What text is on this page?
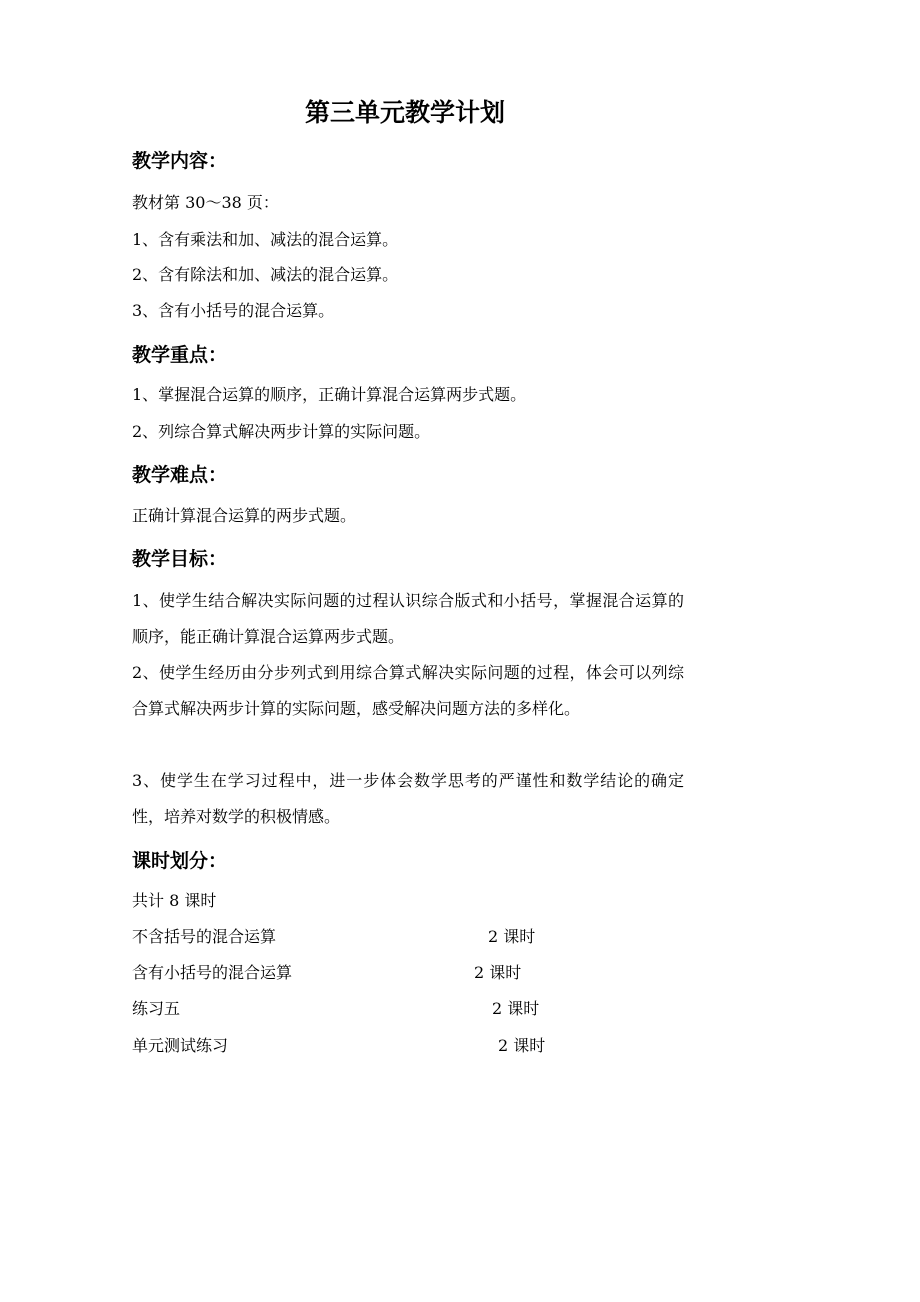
第三单元教学计划
教学内容：

教材第 30～38 页：

1、含有乘法和加、减法的混合运算。

2、含有除法和加、减法的混合运算。

3、含有小括号的混合运算。

教学重点：

1、掌握混合运算的顺序，正确计算混合运算两步式题。

2、列综合算式解决两步计算的实际问题。

教学难点：

正确计算混合运算的两步式题。

教学目标：

1、使学生结合解决实际问题的过程认识综合版式和小括号，掌握混合运算的顺序，能正确计算混合运算两步式题。

2、使学生经历由分步列式到用综合算式解决实际问题的过程，体会可以列综合算式解决两步计算的实际问题，感受解决问题方法的多样化。

3、使学生在学习过程中，进一步体会数学思考的严谨性和数学结论的确定性，培养对数学的积极情感。

课时划分：

共计 8 课时

不含括号的混合运算	2 课时
含有小括号的混合运算	2 课时
练习五	2 课时
单元测试练习	2 课时
